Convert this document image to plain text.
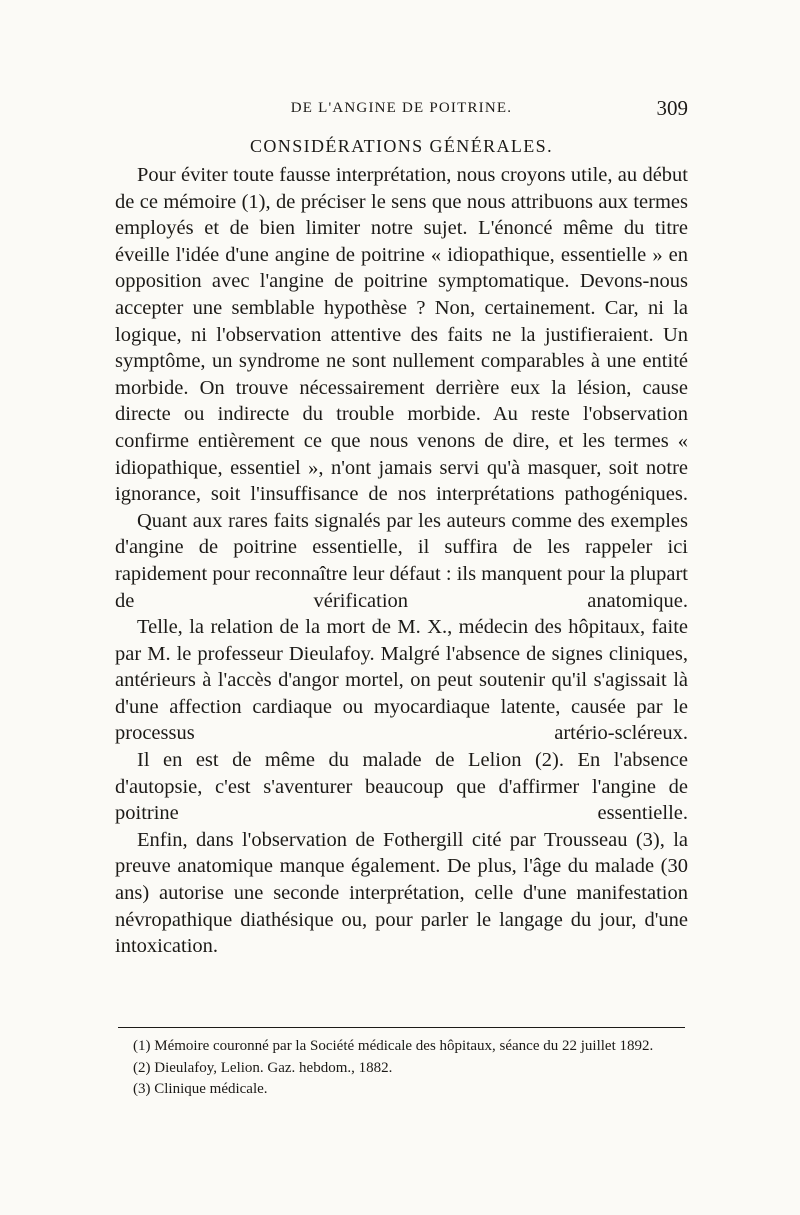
DE L'ANGINE DE POITRINE.	309
CONSIDÉRATIONS GÉNÉRALES.

Pour éviter toute fausse interprétation, nous croyons utile, au début de ce mémoire (1), de préciser le sens que nous attribuons aux termes employés et de bien limiter notre sujet. L'énoncé même du titre éveille l'idée d'une angine de poitrine « idiopathique, essentielle » en opposition avec l'angine de poitrine symptomatique. Devons-nous accepter une semblable hypothèse ? Non, certainement. Car, ni la logique, ni l'observation attentive des faits ne la justifieraient. Un symptôme, un syndrome ne sont nullement comparables à une entité morbide. On trouve nécessairement derrière eux la lésion, cause directe ou indirecte du trouble morbide. Au reste l'observation confirme entièrement ce que nous venons de dire, et les termes « idiopathique, essentiel », n'ont jamais servi qu'à masquer, soit notre ignorance, soit l'insuffisance de nos interprétations pathogéniques.

Quant aux rares faits signalés par les auteurs comme des exemples d'angine de poitrine essentielle, il suffira de les rappeler ici rapidement pour reconnaître leur défaut : ils manquent pour la plupart de vérification anatomique.

Telle, la relation de la mort de M. X., médecin des hôpitaux, faite par M. le professeur Dieulafoy. Malgré l'absence de signes cliniques, antérieurs à l'accès d'angor mortel, on peut soutenir qu'il s'agissait là d'une affection cardiaque ou myocardiaque latente, causée par le processus artério-scléreux.

Il en est de même du malade de Lelion (2). En l'absence d'autopsie, c'est s'aventurer beaucoup que d'affirmer l'angine de poitrine essentielle.

Enfin, dans l'observation de Fothergill cité par Trousseau (3), la preuve anatomique manque également. De plus, l'âge du malade (30 ans) autorise une seconde interprétation, celle d'une manifestation névropathique diathésique ou, pour parler le langage du jour, d'une intoxication.

(1) Mémoire couronné par la Société médicale des hôpitaux, séance du 22 juillet 1892.

(2) Dieulafoy, Lelion. Gaz. hebdom., 1882.

(3) Clinique médicale.
